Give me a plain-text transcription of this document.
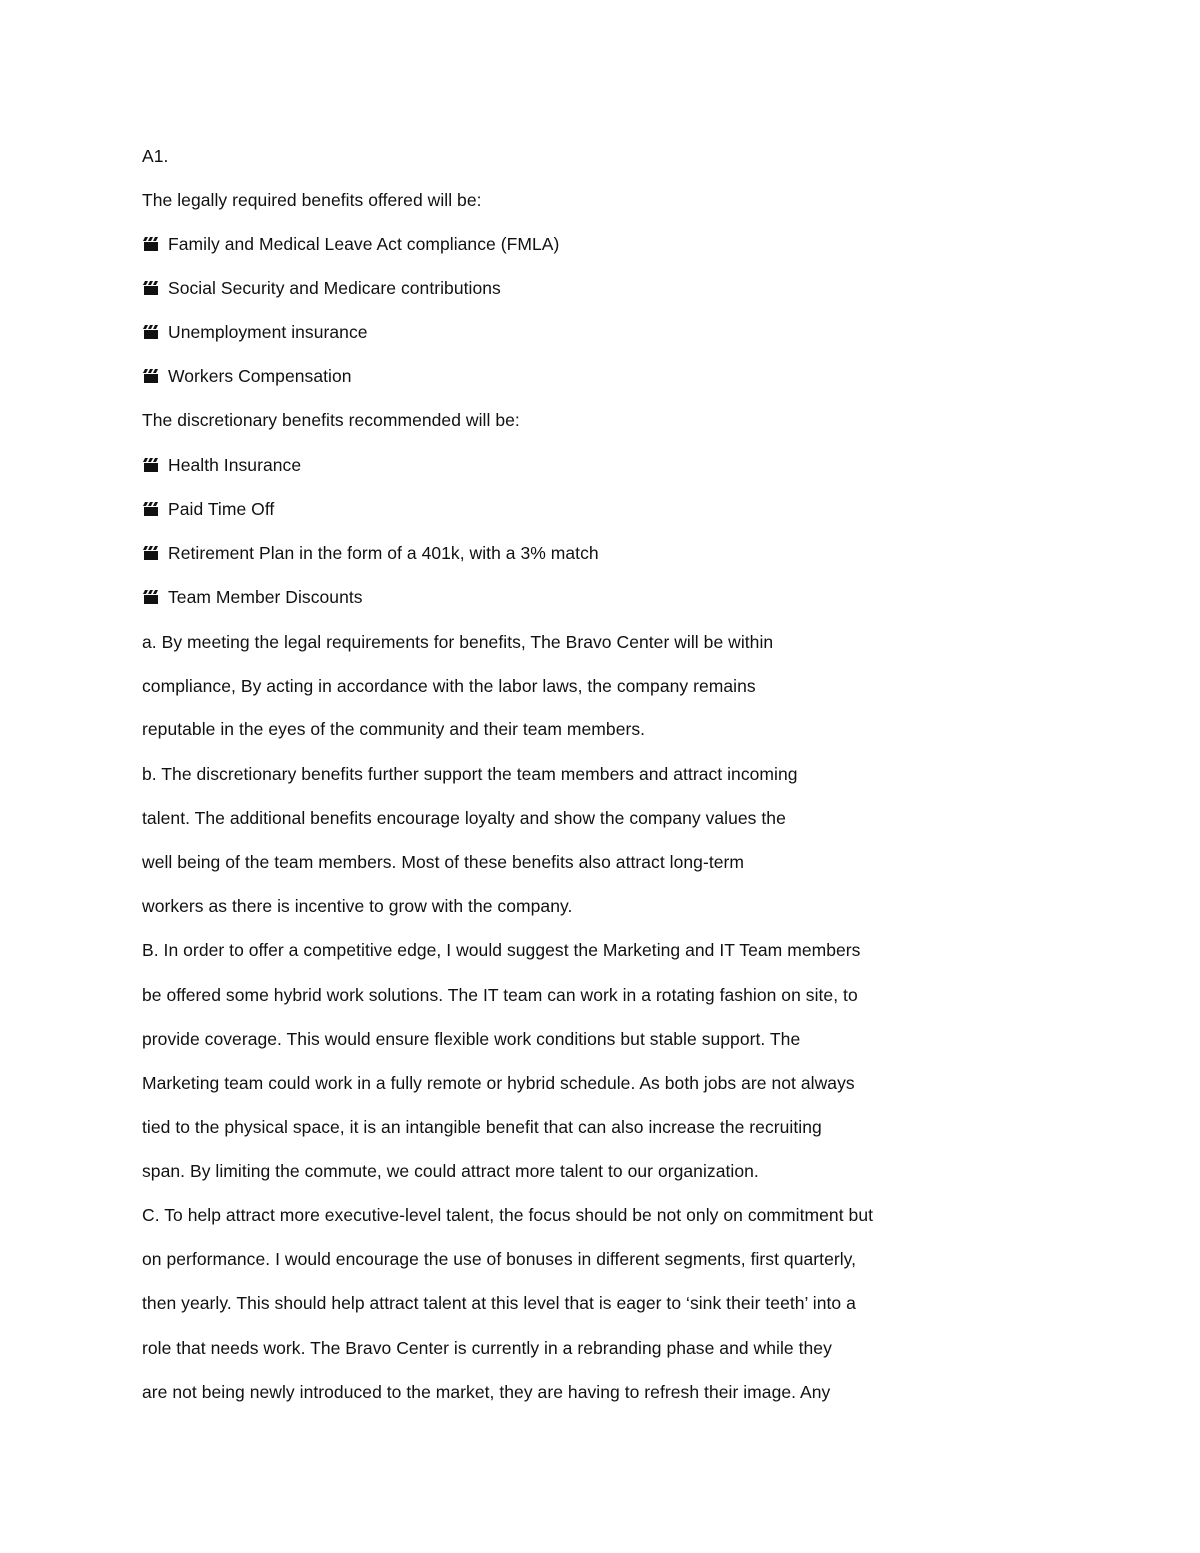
A1.
The legally required benefits offered will be:
Family and Medical Leave Act compliance (FMLA)
Social Security and Medicare contributions
Unemployment insurance
Workers Compensation
The discretionary benefits recommended will be:
Health Insurance
Paid Time Off
Retirement Plan in the form of a 401k, with a 3% match
Team Member Discounts
a. By meeting the legal requirements for benefits, The Bravo Center will be within
compliance, By acting in accordance with the labor laws, the company remains
reputable in the eyes of the community and their team members.
b. The discretionary benefits further support the team members and attract incoming
talent. The additional benefits encourage loyalty and show the company values the
well being of the team members. Most of these benefits also attract long-term
workers as there is incentive to grow with the company.
B. In order to offer a competitive edge, I would suggest the Marketing and IT Team members
be offered some hybrid work solutions. The IT team can work in a rotating fashion on site, to
provide coverage. This would ensure flexible work conditions but stable support. The
Marketing team could work in a fully remote or hybrid schedule. As both jobs are not always
tied to the physical space, it is an intangible benefit that can also increase the recruiting
span. By limiting the commute, we could attract more talent to our organization.
C. To help attract more executive-level talent, the focus should be not only on commitment but
on performance. I would encourage the use of bonuses in different segments, first quarterly,
then yearly. This should help attract talent at this level that is eager to ‘sink their teeth’ into a
role that needs work. The Bravo Center is currently in a rebranding phase and while they
are not being newly introduced to the market, they are having to refresh their image. Any
